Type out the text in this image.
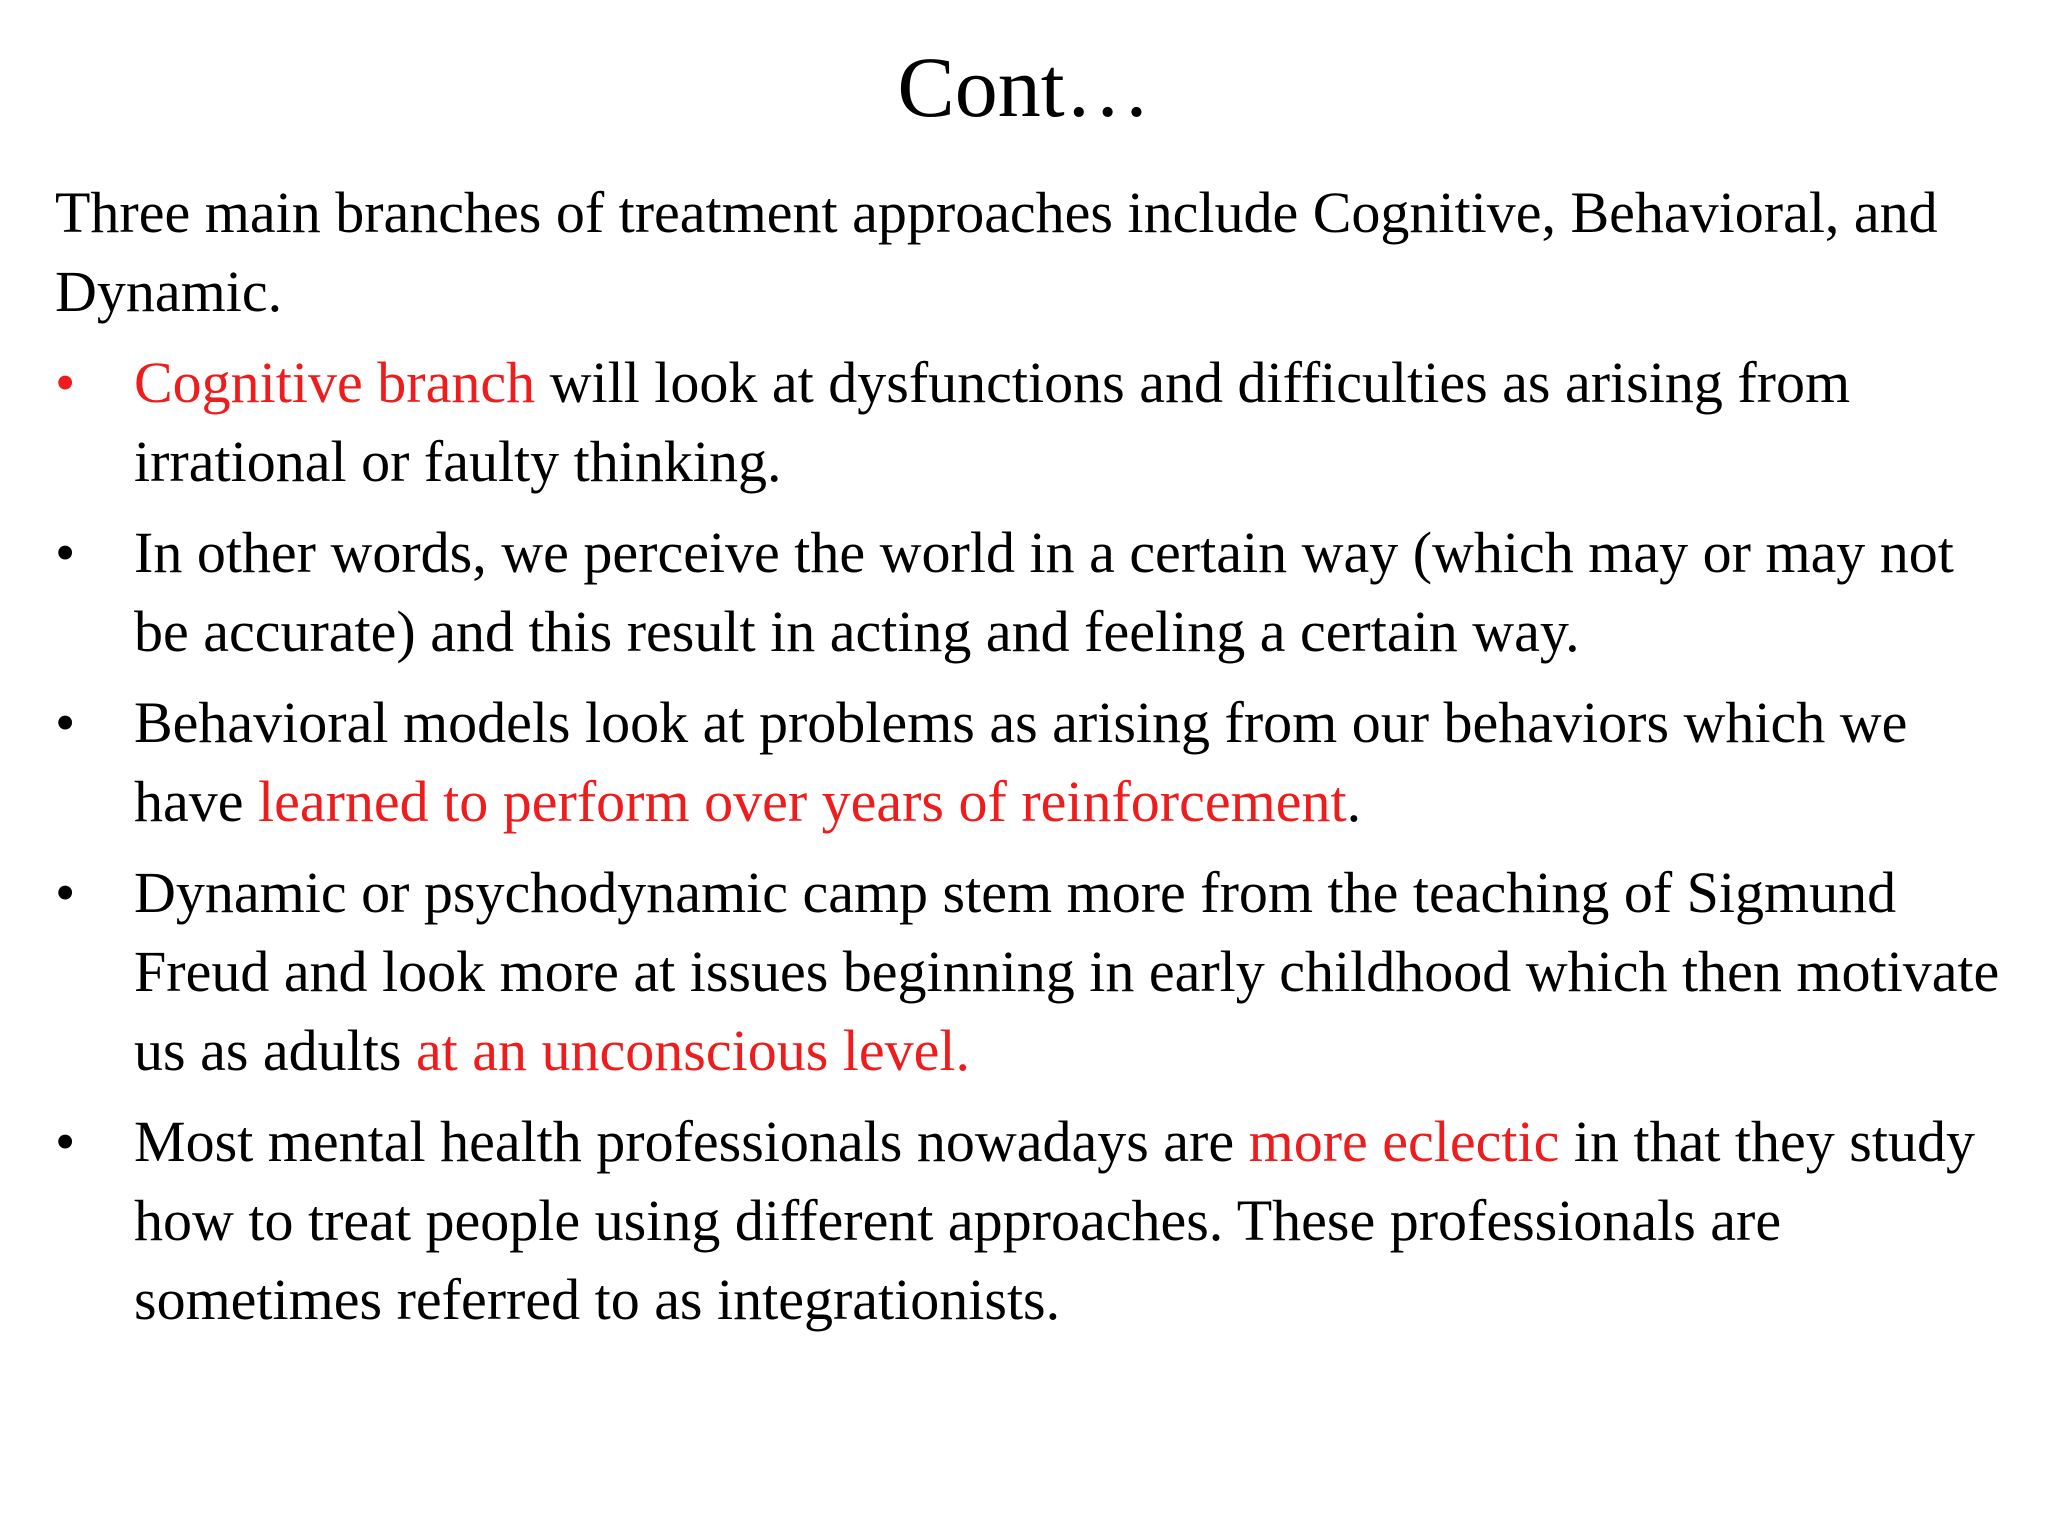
Cont…

Three main branches of treatment approaches include Cognitive, Behavioral, and Dynamic.

•	Cognitive branch will look at dysfunctions and difficulties as arising from irrational or faulty thinking.
•	In other words, we perceive the world in a certain way (which may or may not be accurate) and this result in acting and feeling a certain way.
•	Behavioral models look at problems as arising from our behaviors which we have learned to perform over years of reinforcement.
•	Dynamic or psychodynamic camp stem more from the teaching of Sigmund Freud and look more at issues beginning in early childhood which then motivate us as adults at an unconscious level.
•	Most mental health professionals nowadays are more eclectic in that they study how to treat people using different approaches. These professionals are sometimes referred to as integrationists.
